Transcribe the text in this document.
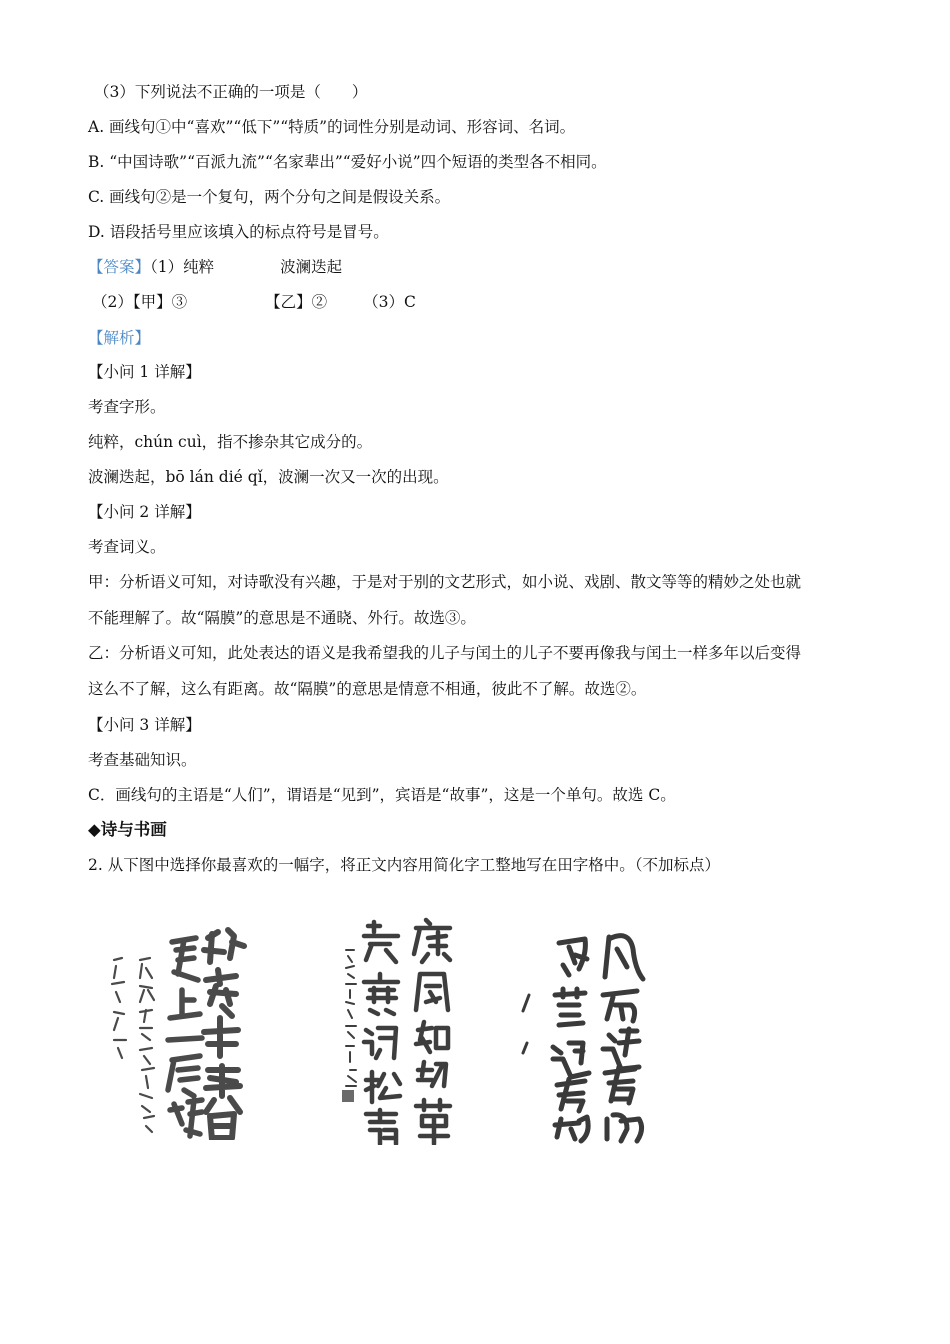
（3）下列说法不正确的一项是（　　）
A. 画线句①中“喜欢”“低下”“特质”的词性分别是动词、形容词、名词。
B. “中国诗歌”“百派九流”“名家辈出”“爱好小说”四个短语的类型各不相同。
C. 画线句②是一个复句，两个分句之间是假设关系。
D. 语段括号里应该填入的标点符号是冒号。
【答案】（1）纯粹	波澜迭起
（2）【甲】③	【乙】② （3）C
【解析】
【小问 1 详解】
考查字形。
纯粹，chún cuì，指不掺杂其它成分的。
波澜迭起，bō lán dié qǐ，波澜一次又一次的出现。
【小问 2 详解】
考查词义。
甲：分析语义可知，对诗歌没有兴趣，于是对于别的文艺形式，如小说、戏剧、散文等等的精妙之处也就
不能理解了。故“隔膜”的意思是不通晓、外行。故选③。
乙：分析语义可知，此处表达的语义是我希望我的儿子与闰土的儿子不要再像我与闰土一样多年以后变得
这么不了解，这么有距离。故“隔膜”的意思是情意不相通，彼此不了解。故选②。
【小问 3 详解】
考查基础知识。
C．画线句的主语是“人们”，谓语是“见到”，宾语是“故事”，这是一个单句。故选 C。
◆诗与书画
2. 从下图中选择你最喜欢的一幅字，将正文内容用简化字工整地写在田字格中。（不加标点）
